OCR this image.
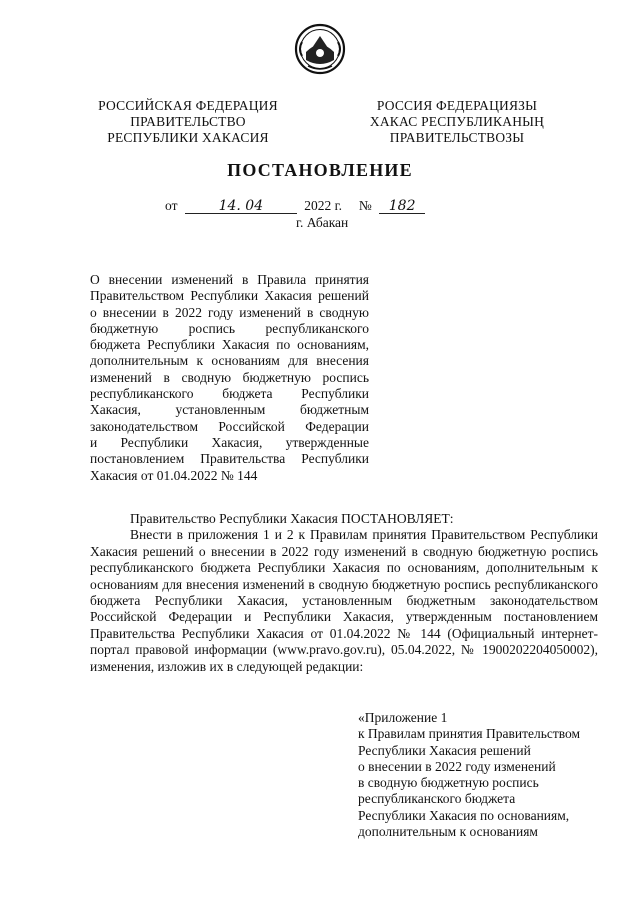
РОССИЙСКАЯ ФЕДЕРАЦИЯ
ПРАВИТЕЛЬСТВО
РЕСПУБЛИКИ ХАКАСИЯ
РОССИЯ ФЕДЕРАЦИЯЗЫ
ХАКАС РЕСПУБЛИКАНЫҢ
ПРАВИТЕЛЬСТВОЗЫ
ПОСТАНОВЛЕНИЕ
от	14. 04	2022 г. № 182
г. Абакан
О внесении изменений в Правила принятия
Правительством Республики Хакасия решений
о внесении в 2022 году изменений в сводную
бюджетную роспись республиканского
бюджета Республики Хакасия по основаниям,
дополнительным к основаниям для внесения
изменений в сводную бюджетную роспись
республиканского бюджета Республики
Хакасия, установленным бюджетным
законодательством Российской Федерации
и Республики Хакасия, утвержденные
постановлением Правительства Республики
Хакасия от 01.04.2022 № 144

Правительство Республики Хакасия ПОСТАНОВЛЯЕТ:

Внести в приложения 1 и 2 к Правилам принятия Правительством Республики Хакасия решений о внесении в 2022 году изменений в сводную бюджетную роспись республиканского бюджета Республики Хакасия по основаниям, дополнительным к основаниям для внесения изменений в сводную бюджетную роспись республиканского бюджета Республики Хакасия, установленным бюджетным законодательством Российской Федерации и Республики Хакасия, утвержденным постановлением Правительства Республики Хакасия от 01.04.2022 № 144 (Официальный интернет-портал правовой информации (www.pravo.gov.ru), 05.04.2022, № 1900202204050002), изменения, изложив их в следующей редакции:

«Приложение 1
к Правилам принятия Правительством
Республики Хакасия решений
о внесении в 2022 году изменений
в сводную бюджетную роспись
республиканского бюджета
Республики Хакасия по основаниям,
дополнительным к основаниям
